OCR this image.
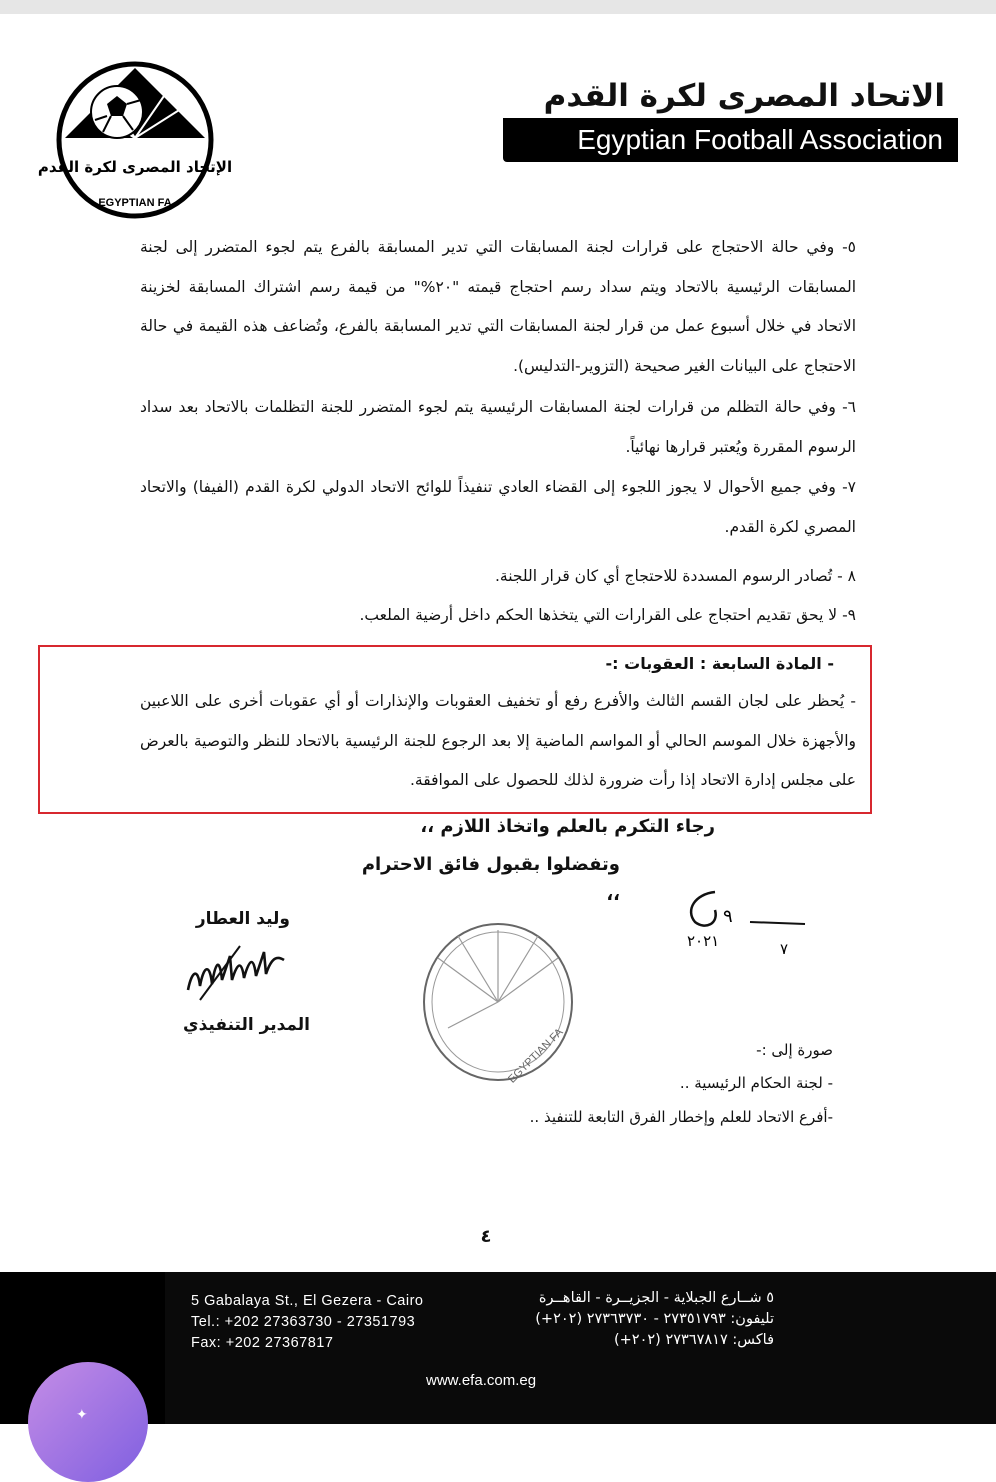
الإتحاد المصرى لكرة القدم
EGYPTIAN FA
الاتحاد المصرى لكرة القدم
Egyptian Football Association
٥- وفي حالة الاحتجاج على قرارات لجنة المسابقات التي تدير المسابقة بالفرع يتم لجوء المتضرر إلى لجنة المسابقات الرئيسية بالاتحاد ويتم سداد رسم احتجاج قيمته "٢٠%" من قيمة رسم اشتراك المسابقة لخزينة الاتحاد في خلال أسبوع عمل من قرار لجنة المسابقات التي تدير المسابقة بالفرع، وتُضاعف هذه القيمة في حالة الاحتجاج على البيانات الغير صحيحة (التزوير-التدليس).
٦- وفي حالة التظلم من قرارات لجنة المسابقات الرئيسية يتم لجوء المتضرر للجنة التظلمات بالاتحاد بعد سداد الرسوم المقررة ويُعتبر قرارها نهائياً.
٧- وفي جميع الأحوال لا يجوز اللجوء إلى القضاء العادي تنفيذاً للوائح الاتحاد الدولي لكرة القدم (الفيفا) والاتحاد المصري لكرة القدم.
٨ - تُصادر الرسوم المسددة للاحتجاج أي كان قرار اللجنة.
٩- لا يحق تقديم احتجاج على القرارات التي يتخذها الحكم داخل أرضية الملعب.
- المادة السابعة : العقوبات :-
- يُحظر على لجان القسم الثالث والأفرع رفع أو تخفيف العقوبات والإنذارات أو أي عقوبات أخرى على اللاعبين والأجهزة خلال الموسم الحالي أو المواسم الماضية إلا بعد الرجوع للجنة الرئيسية بالاتحاد للنظر والتوصية بالعرض على مجلس إدارة الاتحاد إذا رأت ضرورة لذلك للحصول على الموافقة.
رجاء التكرم بالعلم واتخاذ اللازم ،،
وتفضلوا بقبول فائق الاحترام ،،
٩
٢٠٢١	٧
EGYPTIAN FA
وليد العطار
المدير التنفيذي
صورة إلى :-
- لجنة الحكام الرئيسية ..
-أفرع الاتحاد للعلم وإخطار الفرق التابعة للتنفيذ ..
٤
5 Gabalaya St., El Gezera - Cairo
Tel.: +202 27363730 - 27351793
Fax: +202 27367817
٥ شــارع الجبلاية - الجزيــرة - القاهــرة
تليفون: ٢٧٣٥١٧٩٣ - ٢٧٣٦٣٧٣٠ (٢٠٢+)
فاكس: ٢٧٣٦٧٨١٧ (٢٠٢+)
www.efa.com.eg
✦
